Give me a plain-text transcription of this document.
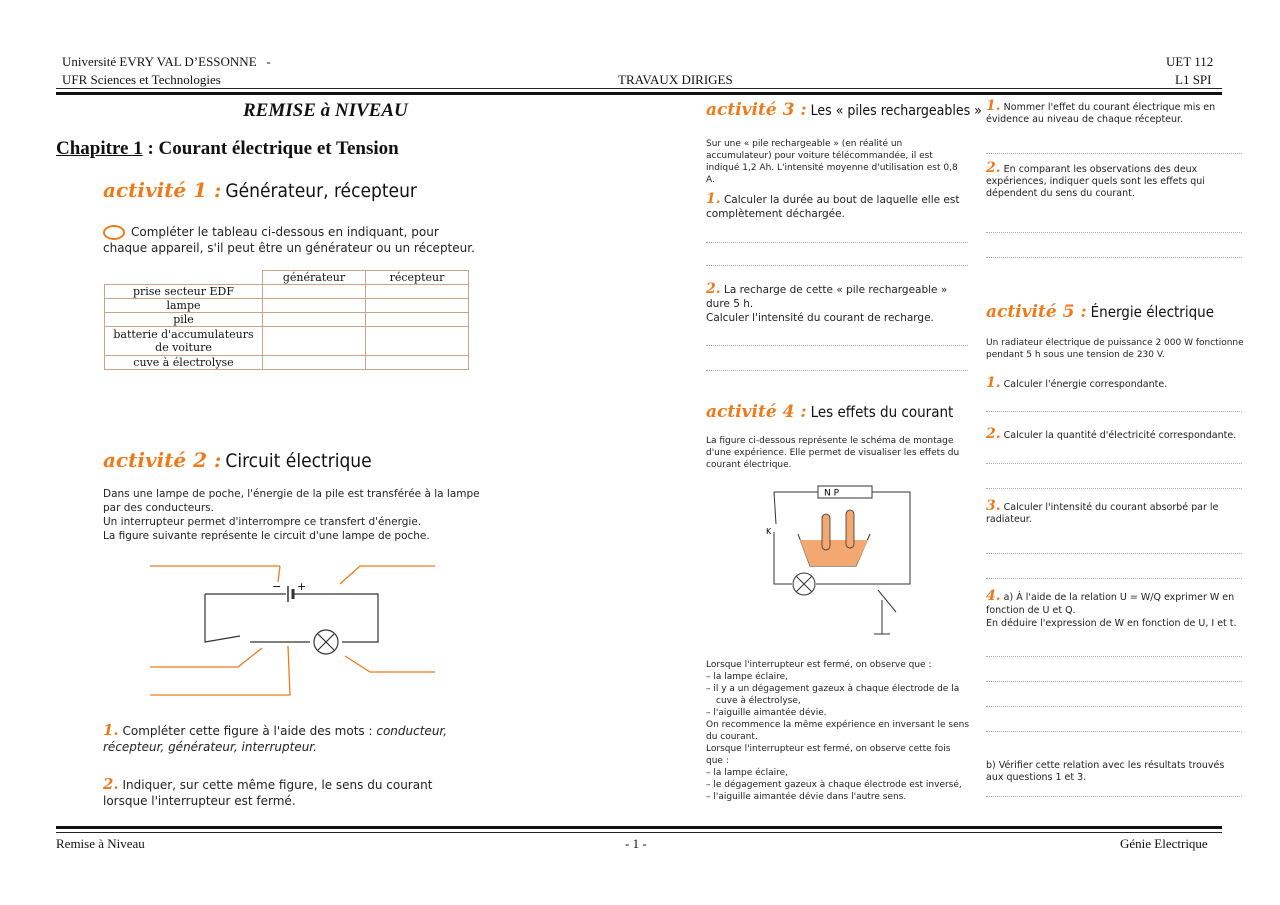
Université EVRY VAL D’ESSONNE -
UFR Sciences et Technologies	TRAVAUX DIRIGES
UET 112
L1 SPI
REMISE à NIVEAU
Chapitre 1 : Courant électrique et Tension
activité 1 : Générateur, récepteur
Compléter le tableau ci-dessous en indiquant, pour chaque appareil, s'il peut être un générateur ou un récepteur.
	générateur	récepteur
prise secteur EDF		
lampe		
pile		
batterie d'accumulateurs de voiture		
cuve à électrolyse		
activité 2 : Circuit électrique
Dans une lampe de poche, l'énergie de la pile est transférée à la lampe par des conducteurs.
Un interrupteur permet d'interrompre ce transfert d'énergie.
La figure suivante représente le circuit d'une lampe de poche.
− +
1. Compléter cette figure à l'aide des mots : conducteur, récepteur, générateur, interrupteur.
2. Indiquer, sur cette même figure, le sens du courant lorsque l'interrupteur est fermé.
activité 3 : Les « piles rechargeables »
Sur une « pile rechargeable » (en réalité un accumulateur) pour voiture télécommandée, il est indiqué 1,2 Ah. L'intensité moyenne d'utilisation est 0,8 A.
1. Calculer la durée au bout de laquelle elle est complètement déchargée.
2. La recharge de cette « pile rechargeable » dure 5 h.
Calculer l'intensité du courant de recharge.
activité 4 : Les effets du courant
La figure ci-dessous représente le schéma de montage d'une expérience. Elle permet de visualiser les effets du courant électrique.
N P
K
Lorsque l'interrupteur est fermé, on observe que :
– la lampe éclaire,
– il y a un dégagement gazeux à chaque électrode de la
cuve à électrolyse,
– l'aiguille aimantée dévie.
On recommence la même expérience en inversant le sens
du courant.
Lorsque l'interrupteur est fermé, on observe cette fois
que :
– la lampe éclaire,
– le dégagement gazeux à chaque électrode est inversé,
– l'aiguille aimantée dévie dans l'autre sens.
1. Nommer l'effet du courant électrique mis en évidence au niveau de chaque récepteur.
2. En comparant les observations des deux expériences, indiquer quels sont les effets qui dépendent du sens du courant.
activité 5 : Énergie électrique
Un radiateur électrique de puissance 2 000 W fonctionne pendant 5 h sous une tension de 230 V.
1. Calculer l'énergie correspondante.
2. Calculer la quantité d'électricité correspondante.
3. Calculer l'intensité du courant absorbé par le radiateur.
4. a) À l'aide de la relation U = W/Q exprimer W en fonction de U et Q.
En déduire l'expression de W en fonction de U, I et t.
b) Vérifier cette relation avec les résultats trouvés aux questions 1 et 3.
Remise à Niveau	- 1 -	Génie Electrique
